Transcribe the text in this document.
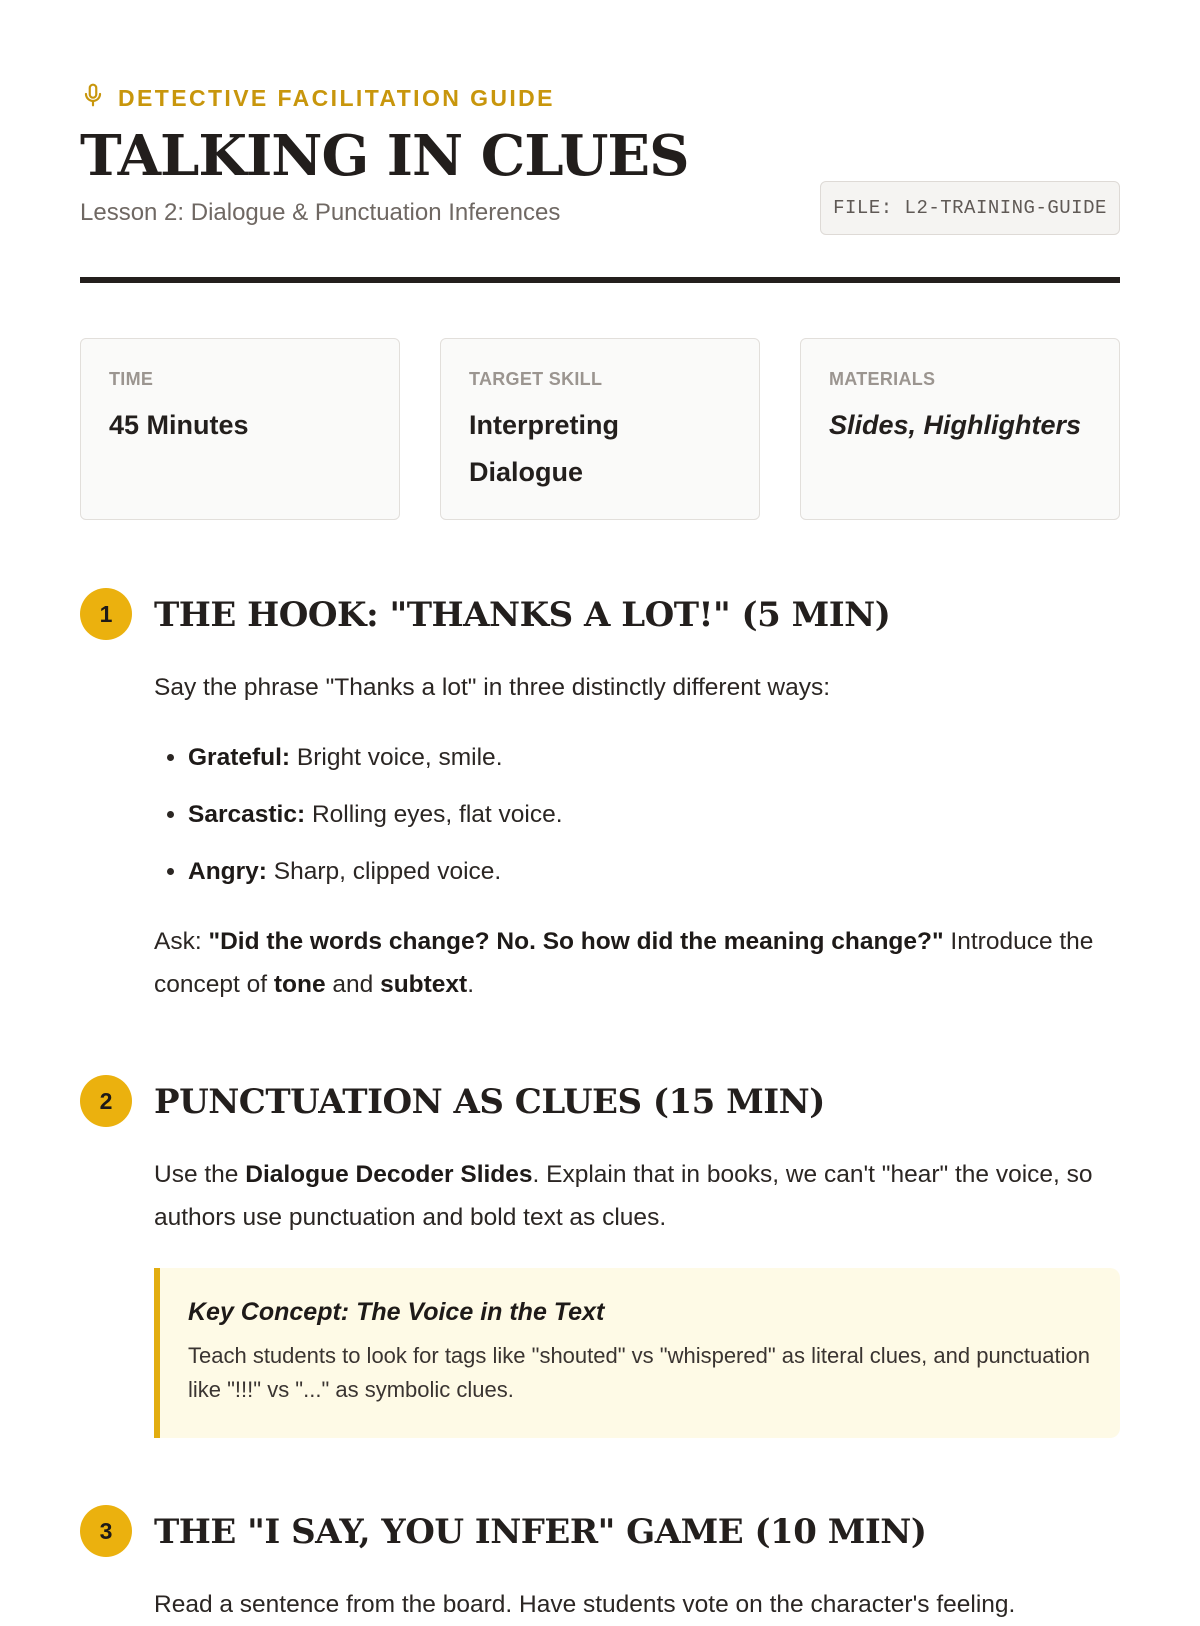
DETECTIVE FACILITATION GUIDE
TALKING IN CLUES
Lesson 2: Dialogue & Punctuation Inferences	FILE: L2-TRAINING-GUIDE
TIME
45 Minutes
TARGET SKILL
Interpreting Dialogue
MATERIALS
Slides, Highlighters
1	THE HOOK: "THANKS A LOT!" (5 MIN)

Say the phrase "Thanks a lot" in three distinctly different ways:

• Grateful: Bright voice, smile.
• Sarcastic: Rolling eyes, flat voice.
• Angry: Sharp, clipped voice.

Ask: "Did the words change? No. So how did the meaning change?" Introduce the concept of tone and subtext.

2	PUNCTUATION AS CLUES (15 MIN)

Use the Dialogue Decoder Slides. Explain that in books, we can't "hear" the voice, so authors use punctuation and bold text as clues.

Key Concept: The Voice in the Text
Teach students to look for tags like "shouted" vs "whispered" as literal clues, and punctuation like "!!!" vs "..." as symbolic clues.
3	THE "I SAY, YOU INFER" GAME (10 MIN)

Read a sentence from the board. Have students vote on the character's feeling.
